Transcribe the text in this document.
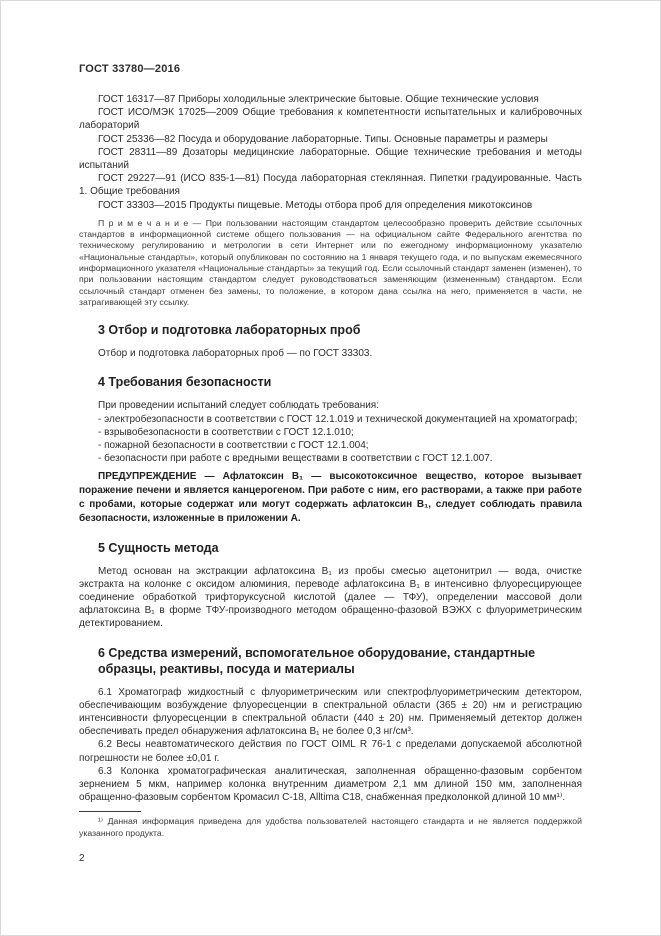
ГОСТ 33780—2016

ГОСТ 16317—87 Приборы холодильные электрические бытовые. Общие технические условия

ГОСТ ИСО/МЭК 17025—2009 Общие требования к компетентности испытательных и калибровочных лабораторий

ГОСТ 25336—82 Посуда и оборудование лабораторные. Типы. Основные параметры и размеры

ГОСТ 28311—89 Дозаторы медицинские лабораторные. Общие технические требования и методы испытаний

ГОСТ 29227—91 (ИСО 835-1—81) Посуда лабораторная стеклянная. Пипетки градуированные. Часть 1. Общие требования

ГОСТ 33303—2015 Продукты пищевые. Методы отбора проб для определения микотоксинов

П р и м е ч а н и е — При пользовании настоящим стандартом целесообразно проверить действие ссылочных стандартов в информационной системе общего пользования — на официальном сайте Федерального агентства по техническому регулированию и метрологии в сети Интернет или по ежегодному информационному указателю «Национальные стандарты», который опубликован по состоянию на 1 января текущего года, и по выпускам ежемесячного информационного указателя «Национальные стандарты» за текущий год. Если ссылочный стандарт заменен (изменен), то при пользовании настоящим стандартом следует руководствоваться заменяющим (измененным) стандартом. Если ссылочный стандарт отменен без замены, то положение, в котором дана ссылка на него, применяется в части, не затрагивающей эту ссылку.

3 Отбор и подготовка лабораторных проб

Отбор и подготовка лабораторных проб — по ГОСТ 33303.

4 Требования безопасности

При проведении испытаний следует соблюдать требования:

- электробезопасности в соответствии с ГОСТ 12.1.019 и технической документацией на хроматограф;

- взрывобезопасности в соответствии с ГОСТ 12.1.010;

- пожарной безопасности в соответствии с ГОСТ 12.1.004;

- безопасности при работе с вредными веществами в соответствии с ГОСТ 12.1.007.

ПРЕДУПРЕЖДЕНИЕ — Афлатоксин В₁ — высокотоксичное вещество, которое вызывает поражение печени и является канцерогеном. При работе с ним, его растворами, а также при работе с пробами, которые содержат или могут содержать афлатоксин В₁, следует соблюдать правила безопасности, изложенные в приложении А.

5 Сущность метода

Метод основан на экстракции афлатоксина В₁ из пробы смесью ацетонитрил — вода, очистке экстракта на колонке с оксидом алюминия, переводе афлатоксина В₁ в интенсивно флуоресцирующее соединение обработкой трифторуксусной кислотой (далее — ТФУ), определении массовой доли афлатоксина В₁ в форме ТФУ-производного методом обращенно-фазовой ВЭЖХ с флуориметрическим детектированием.

6 Средства измерений, вспомогательное оборудование, стандартные образцы, реактивы, посуда и материалы

6.1 Хроматограф жидкостный с флуориметрическим или спектрофлуориметрическим детектором, обеспечивающим возбуждение флуоресценции в спектральной области (365 ± 20) нм и регистрацию интенсивности флуоресценции в спектральной области (440 ± 20) нм. Применяемый детектор должен обеспечивать предел обнаружения афлатоксина В₁ не более 0,3 нг/см³.

6.2 Весы неавтоматического действия по ГОСТ OIML R 76-1 с пределами допускаемой абсолютной погрешности не более ±0,01 г.

6.3 Колонка хроматографическая аналитическая, заполненная обращенно-фазовым сорбентом зернением 5 мкм, например колонка внутренним диаметром 2,1 мм длиной 150 мм, заполненная обращенно-фазовым сорбентом Кромасил С-18, Alltima C18, снабженная предколонкой длиной 10 мм¹⁾.

¹⁾ Данная информация приведена для удобства пользователей настоящего стандарта и не является поддержкой указанного продукта.

2
